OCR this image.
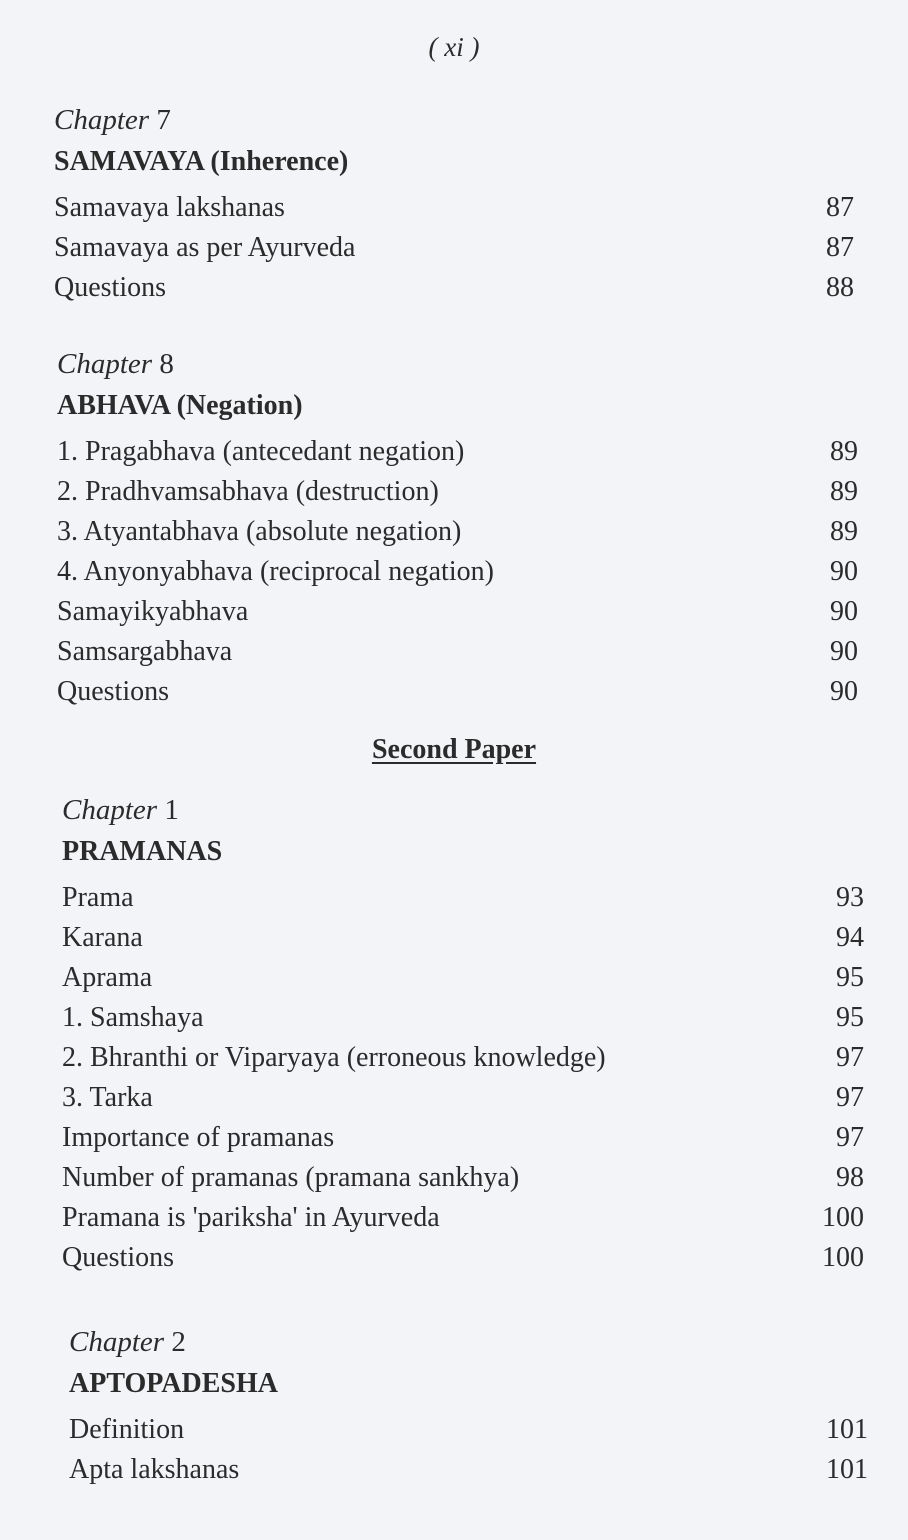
( xi )
Second Paper
Chapter 7
SAMAVAYA (Inherence)
Samavaya lakshanas	87
Samavaya as per Ayurveda	87
Questions	88
Chapter 8
ABHAVA (Negation)
1. Pragabhava (antecedant negation)	89
2. Pradhvamsabhava (destruction)	89
3. Atyantabhava (absolute negation)	89
4. Anyonyabhava (reciprocal negation)	90
Samayikyabhava	90
Samsargabhava	90
Questions	90
Chapter 1
PRAMANAS
Prama	93
Karana	94
Aprama	95
1. Samshaya	95
2. Bhranthi or Viparyaya (erroneous knowledge)	97
3. Tarka	97
Importance of pramanas	97
Number of pramanas (pramana sankhya)	98
Pramana is 'pariksha' in Ayurveda	100
Questions	100
Chapter 2
APTOPADESHA
Definition	101
Apta lakshanas	101
